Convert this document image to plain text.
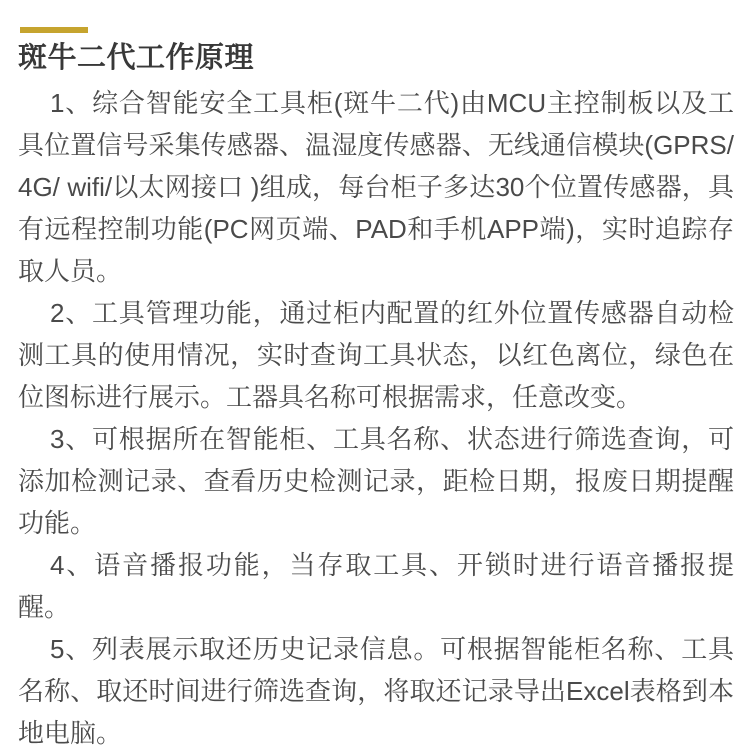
斑牛二代工作原理

1、综合智能安全工具柜(斑牛二代)由MCU主控制板以及工具位置信号采集传感器、温湿度传感器、无线通信模块(GPRS/ 4G/ wifi/以太网接口 )组成，每台柜子多达30个位置传感器，具有远程控制功能(PC网页端、PAD和手机APP端)，实时追踪存取人员。

2、工具管理功能，通过柜内配置的红外位置传感器自动检测工具的使用情况，实时查询工具状态，以红色离位，绿色在位图标进行展示。工器具名称可根据需求，任意改变。

3、可根据所在智能柜、工具名称、状态进行筛选查询，可添加检测记录、查看历史检测记录，距检日期，报废日期提醒功能。

4、语音播报功能，当存取工具、开锁时进行语音播报提醒。

5、列表展示取还历史记录信息。可根据智能柜名称、工具名称、取还时间进行筛选查询，将取还记录导出Excel表格到本地电脑。
